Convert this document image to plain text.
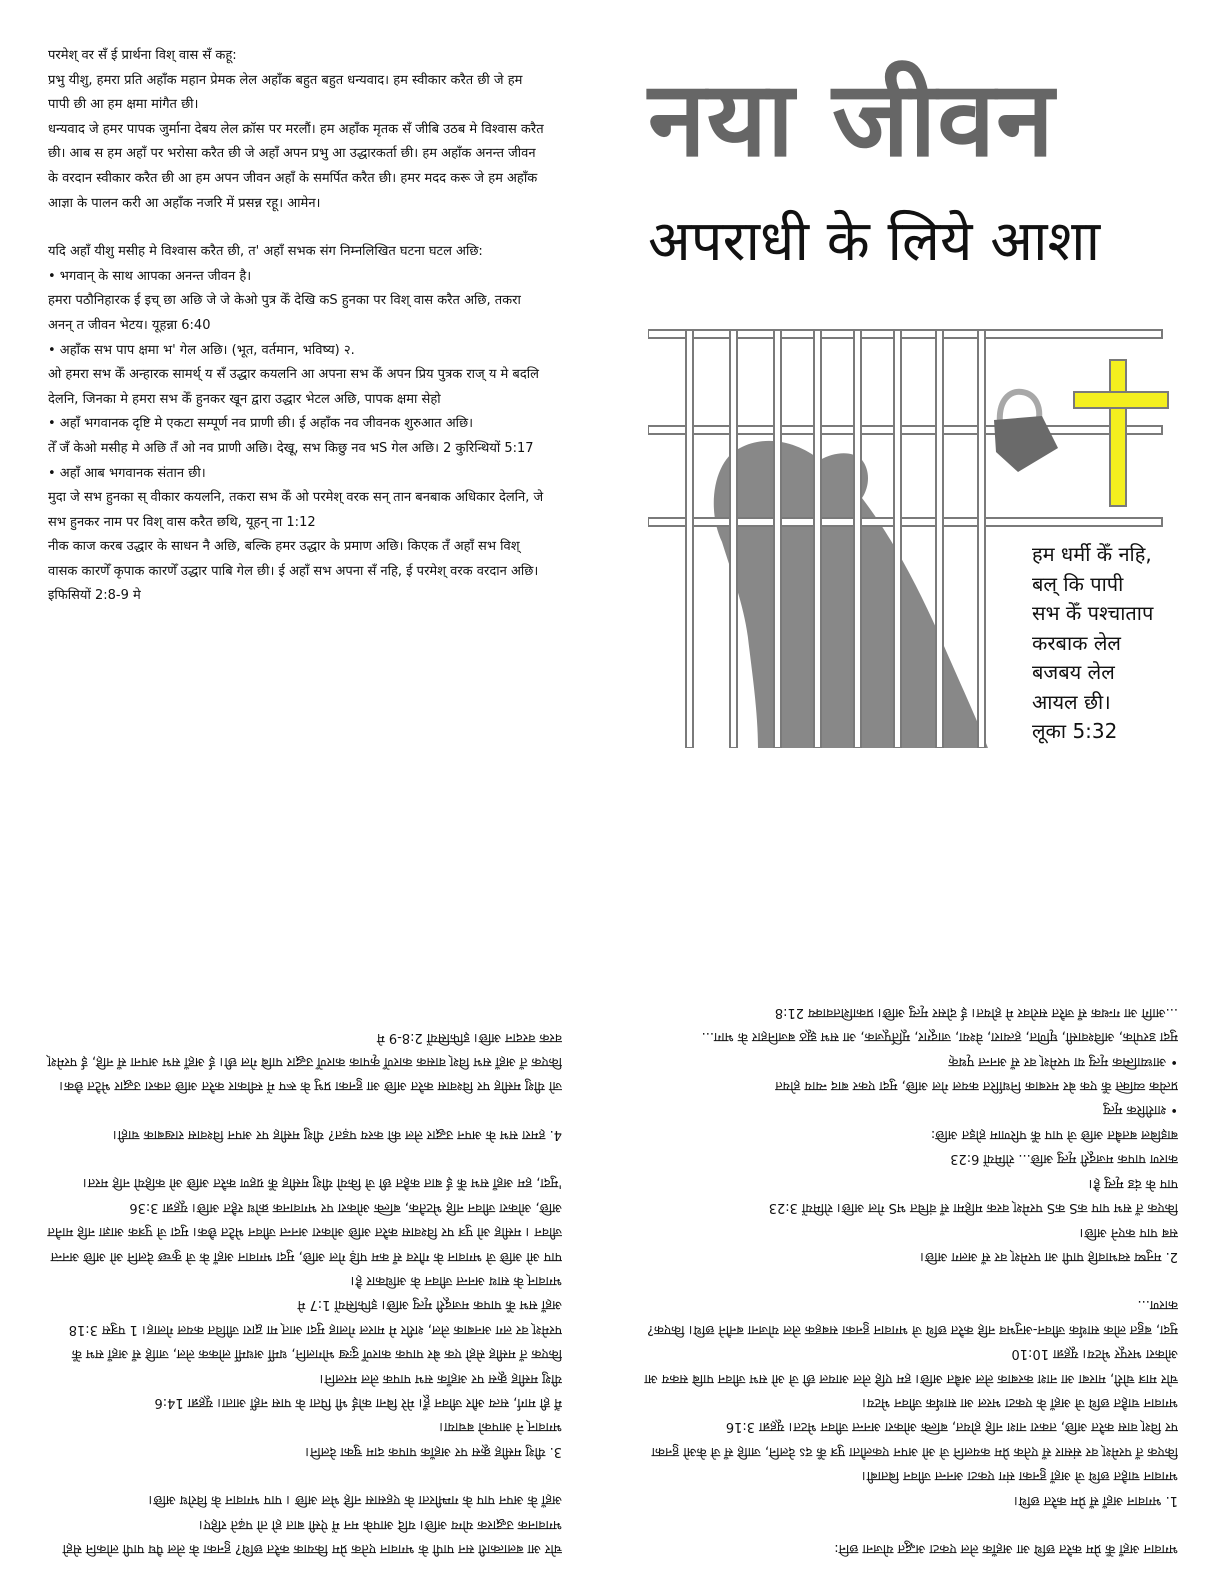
परमेश् वर सँ ई प्रार्थना विश् वास सँ कहू:

प्रभु यीशु, हमरा प्रति अहाँक महान प्रेमक लेल अहाँक बहुत बहुत धन्यवाद। हम स्वीकार करैत छी जे हम पापी छी आ हम क्षमा मांगैत छी।

धन्यवाद जे हमर पापक जुर्माना देबय लेल क्रॉस पर मरलौं। हम अहाँक मृतक सँ जीबि उठब मे विश्वास करैत छी। आब स हम अहाँ पर भरोसा करैत छी जे अहाँ अपन प्रभु आ उद्धारकर्ता छी। हम अहाँक अनन्त जीवन के वरदान स्वीकार करैत छी आ हम अपन जीवन अहाँ के समर्पित करैत छी। हमर मदद करू जे हम अहाँक आज्ञा के पालन करी आ अहाँक नजरि में प्रसन्न रहू। आमेन।

यदि अहाँ यीशु मसीह मे विश्वास करैत छी, त' अहाँ सभक संग निम्नलिखित घटना घटल अछि:

• भगवान् के साथ आपका अनन्त जीवन है।

हमरा पठौनिहारक ई इच् छा अछि जे जे केओ पुत्र केँ देखि कS हुनका पर विश् वास करैत अछि, तकरा अनन् त जीवन भेटय। यूहन्ना 6:40

• अहाँक सभ पाप क्षमा भ' गेल अछि। (भूत, वर्तमान, भविष्य) २.

ओ हमरा सभ केँ अन्हारक सामर्थ् य सँ उद्धार कयलनि आ अपना सभ केँ अपन प्रिय पुत्रक राज् य मे बदलि देलनि, जिनका मे हमरा सभ केँ हुनकर खून द्वारा उद्धार भेटल अछि, पापक क्षमा सेहो

• अहाँ भगवानक दृष्टि मे एकटा सम्पूर्ण नव प्राणी छी। ई अहाँक नव जीवनक शुरुआत अछि।

तेँ जँ केओ मसीह मे अछि तँ ओ नव प्राणी अछि। देखू, सभ किछु नव भS गेल अछि। 2 कुरिन्थियों 5:17

• अहाँ आब भगवानक संतान छी।

मुदा जे सभ हुनका स् वीकार कयलनि, तकरा सभ केँ ओ परमेश् वरक सन् तान बनबाक अधिकार देलनि, जे सभ हुनकर नाम पर विश् वास करैत छथि, यूहन् ना 1:12

नीक काज करब उद्धार के साधन नै अछि, बल्कि हमर उद्धार के प्रमाण अछि। किएक तँ अहाँ सभ विश् वासक कारणेँ कृपाक कारणेँ उद्धार पाबि गेल छी। ई अहाँ सभ अपना सँ नहि, ई परमेश् वरक वरदान अछि। इफिसियों 2:8-9 मे

नया जीवन
अपराधी के लिये आशा

हम धर्मी केँ नहि,

बल् कि पापी

सभ केँ पश्चाताप

करबाक लेल

बजबय लेल

आयल छी।

लूका 5:32

चोर आ बलात्कारी सन पापी के भगवान एतेक प्रेम कियाक करैत छथि? हुनका के लेल पैघ पापी लोकनि सेहो भगवानक उद्धारक योग्य अछि। यदि आपके मन में ऐसी बात हो तो पढ़ते रहिए।

अहाँ के अपन पाप के गम्भीरता के एहसास नहि भेल अछि । पाप भगवान के विरोध अछि।

3. यीशु मसीह क्रूस पर अहाँक पापक दाम चुका देलनि।

भगवान् ने आपको बचाया।

मैं ही मार्ग, सत्य और जीवन हूँ। मेरे बिना कोई भी पिता के पास नहीं आता। यूहन्ना 14:6

यीशु मसीह क्रूस पर अहाँक सभ पापक लेल मरलनि।

किएक तँ मसीह सेहो एक बेर पापक कारणेँ दुःख भोगलनि, धर्मी अधर्मी लोकक लेल, जाहि सँ अहाँ सभ केँ परमेश् वर लग अनबाक लेल, शरीर मे मारल गेलाह मुदा आत् मा द्वारा जीवित कयल गेलाह। 1 पत्रुस 3:18

अहाँ सभ केँ पापक मजदूरी मृत्यु अछि। इफिसियों 1:7 मे

भगवान् के साथ अनन्त जीवन के अधिकार है।

पाप ओ अछि जे भगवान के गौरव सँ कम पड़ि गेल अछि, मुदा भगवान अहाँ के जे कुच्छ देलनि ओ अछि अनन्त जीवन । मसीह ओ पुत्र पर विश्वास करैत अछि ओकरा अनन्त जीवन भेटैत छैक। मुदा जे पुत्रक आज्ञा नहि मानैत अछि, ओकरा जीवन नहि भेटतैक, बल्कि ओकरा पर भगवानक क्रोध रहैत अछि। यूहन्ना 3:36

'मुदा, हम अहाँ सभ केँ ई बात कहैत छी जे कियो यीशु मसीह केँ ग्रहण करैत अछि ओ कहियो नहि मरत।

4. हमरा सभ के अपन उद्धार लेल की करय पड़त? यीशु मसीह पर अपन विश्वास राखबाक चाही।

जो यीशु मसीह पर विश्वास करैत अछि आ हुनका प्रभु के रूप में स्वीकार करैत अछि तकरा उद्धार भेटैत छैक।

किएक तँ अहाँ सभ विश् वासक कारणेँ कृपाक कारणेँ उद्धार पाबि गेल छी। ई अहाँ सभ अपना सँ नहि, ई परमेश् वरक वरदान अछि। इफिसियों 2:8-9 मे

भगवान अहाँ केँ प्रेम करैत छथि आ अहाँक लेल एकटा अद्भुत योजना छनि:

1. भगवान अहाँ सँ प्रेम करैत छथि।

भगवान चाहैत छथि जे अहाँ हुनका संग एकटा अनन्त जीवन बिताबी।

किएक तँ परमेश् वर संसार सँ एतेक प्रेम कयलनि जे ओ अपन एकलौता पुत्र केँ दऽ देलनि, जाहि सँ जे केओ हुनका पर विश् वास करैत अछि, तकरा नाश नहि होयत, बल्कि ओकरा अनन्त जीवन भेटत। यूहन्ना 3:16

भगवान चाहैत छथि जे अहाँ के एकटा भरल आ सार्थक जीवन भेटय।

चोर मात्र चोरी, मारबा आ नाश करबाक लेल अबैत अछि। हम एहि लेल आयल छी जे ओ सभ जीवन पाबि सकय आ ओकरा भरपूर भेटय। यूहन्ना 10:10

मुदा, बहुत लोक सार्थक जीवन-अनुभव नहि करैत छथि जे भगवान हुनका सबहक लेल योजना बनौने छथि। किएक? कारण...

2. मनुष्य स्वभावहि पापी आ परमेश् वर सँ अलग अछि।

सब पाप कएने अछि।

किएक तँ सभ पाप कS कS परमेश् वरक महिमा सँ वंचित भS गेल अछि। रोमियों 3:23

पाप के दंड मृत्यु है।

कारण पापक मजदूरी मृत्यु अछि... रोमियों 6:23

बाइबिल बतबैत अछि जे पाप केँ परिणाम होइत अछि:

• शारीरिक मृत्यु

प्रत्येक व्यक्ति केँ एक बेर मरबाक निर्धारित कयल गेल अछि, मुदा एकर बाद न्याय होयत

• आध्यात्मिक मृत्यु या परमेश् वर सँ अनन्त पृथक्

मुदा डरपोक, अविश्वासी, घृणित, हत्यारा, वेश्या, जादूगर, मूर्तिपूजक, आ सभ झूठ बजनिहार के भाग...

...आगि आ गन्धक सँ जरैत सरोवर मे होयत। ई दोसर मृत्यु अछि। प्रकाशितवाक्य 21:8
